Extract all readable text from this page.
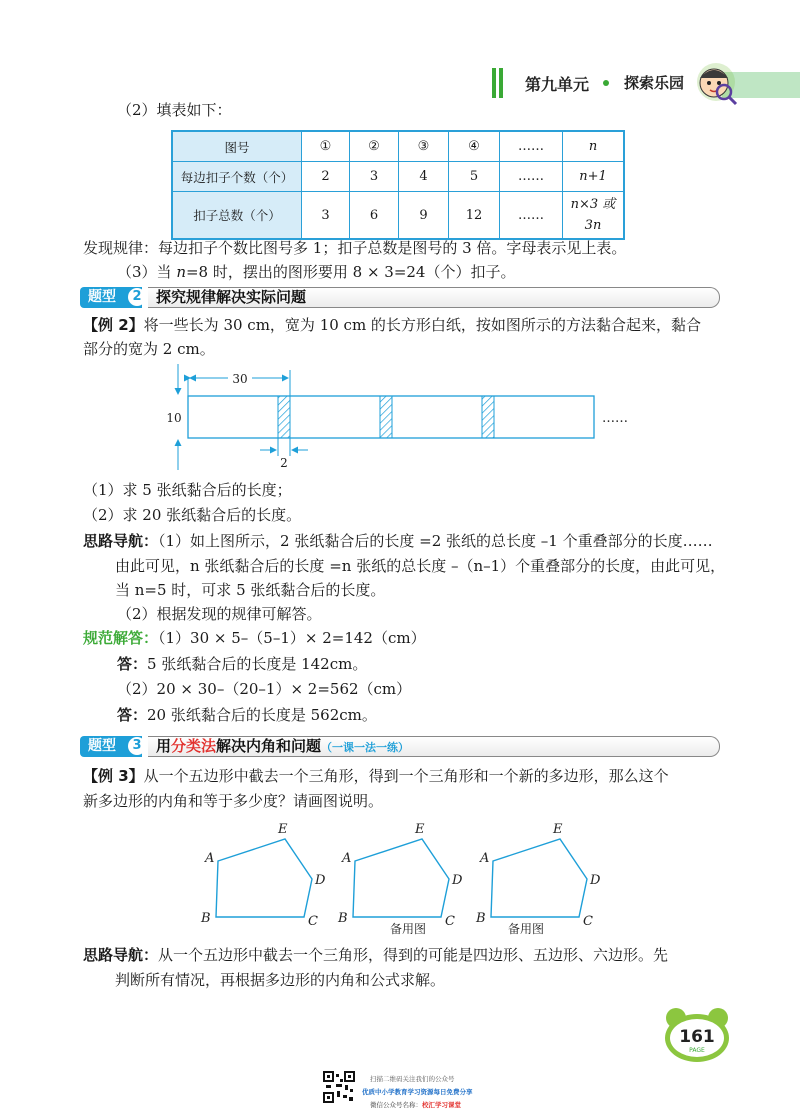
第九单元 探索乐园
（2）填表如下：
图号	①	②	③	④	……	n
每边扣子个数（个）	2	3	4	5	……	n+1
扣子总数（个）	3	6	9	12	……	n×3 或
3n
发现规律：每边扣子个数比图号多 1；扣子总数是图号的 3 倍。字母表示见上表。
（3）当 n=8 时，摆出的图形要用 8 × 3=24（个）扣子。
题型	2 探究规律解决实际问题
【例 2】将一些长为 30 cm，宽为 10 cm 的长方形白纸，按如图所示的方法黏合起来，黏合
部分的宽为 2 cm。
30
10
2
……
（1）求 5 张纸黏合后的长度；
（2）求 20 张纸黏合后的长度。
思路导航：（1）如上图所示，2 张纸黏合后的长度 =2 张纸的总长度 –1 个重叠部分的长度……
由此可见，n 张纸黏合后的长度 =n 张纸的总长度 –（n–1）个重叠部分的长度，由此可见，
当 n=5 时，可求 5 张纸黏合后的长度。
（2）根据发现的规律可解答。
规范解答：（1）30 × 5–（5–1）× 2=142（cm）
答：5 张纸黏合后的长度是 142cm。
（2）20 × 30–（20–1）× 2=562（cm）
答：20 张纸黏合后的长度是 562cm。
题型	3 用分类法解决内角和问题（一课一法一练）
【例 3】从一个五边形中截去一个三角形，得到一个三角形和一个新的多边形，那么这个
新多边形的内角和等于多少度？请画图说明。
A
B	C
D
E
A
B	C
D
E
备用图
A
B	C
D
E
备用图
思路导航：从一个五边形中截去一个三角形，得到的可能是四边形、五边形、六边形。先
判断所有情况，再根据多边形的内角和公式求解。
161
PAGE
扫描二维码关注我们的公众号
优质中小学教育学习资源每日免费分享
微信公众号名称：校汇学习课堂
